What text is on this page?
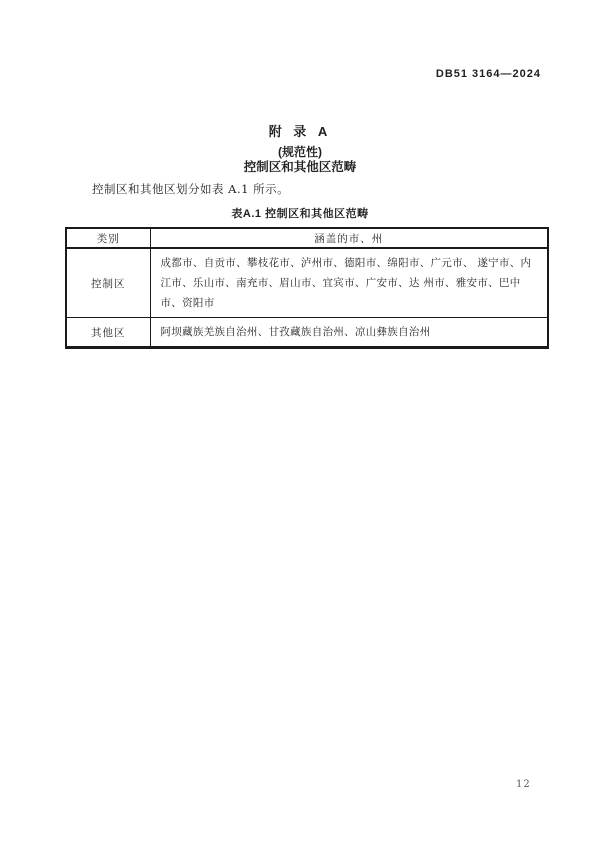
DB51 3164—2024
附 录 A
(规范性)
控制区和其他区范畴
控制区和其他区划分如表 A.1 所示。
表A.1 控制区和其他区范畴
类别	涵盖的市、州
控制区	成都市、自贡市、攀枝花市、泸州市、德阳市、绵阳市、广元市、 遂宁市、内江市、乐山市、南充市、眉山市、宜宾市、广安市、达 州市、雅安市、巴中市、资阳市
其他区	阿坝藏族羌族自治州、甘孜藏族自治州、凉山彝族自治州
12
